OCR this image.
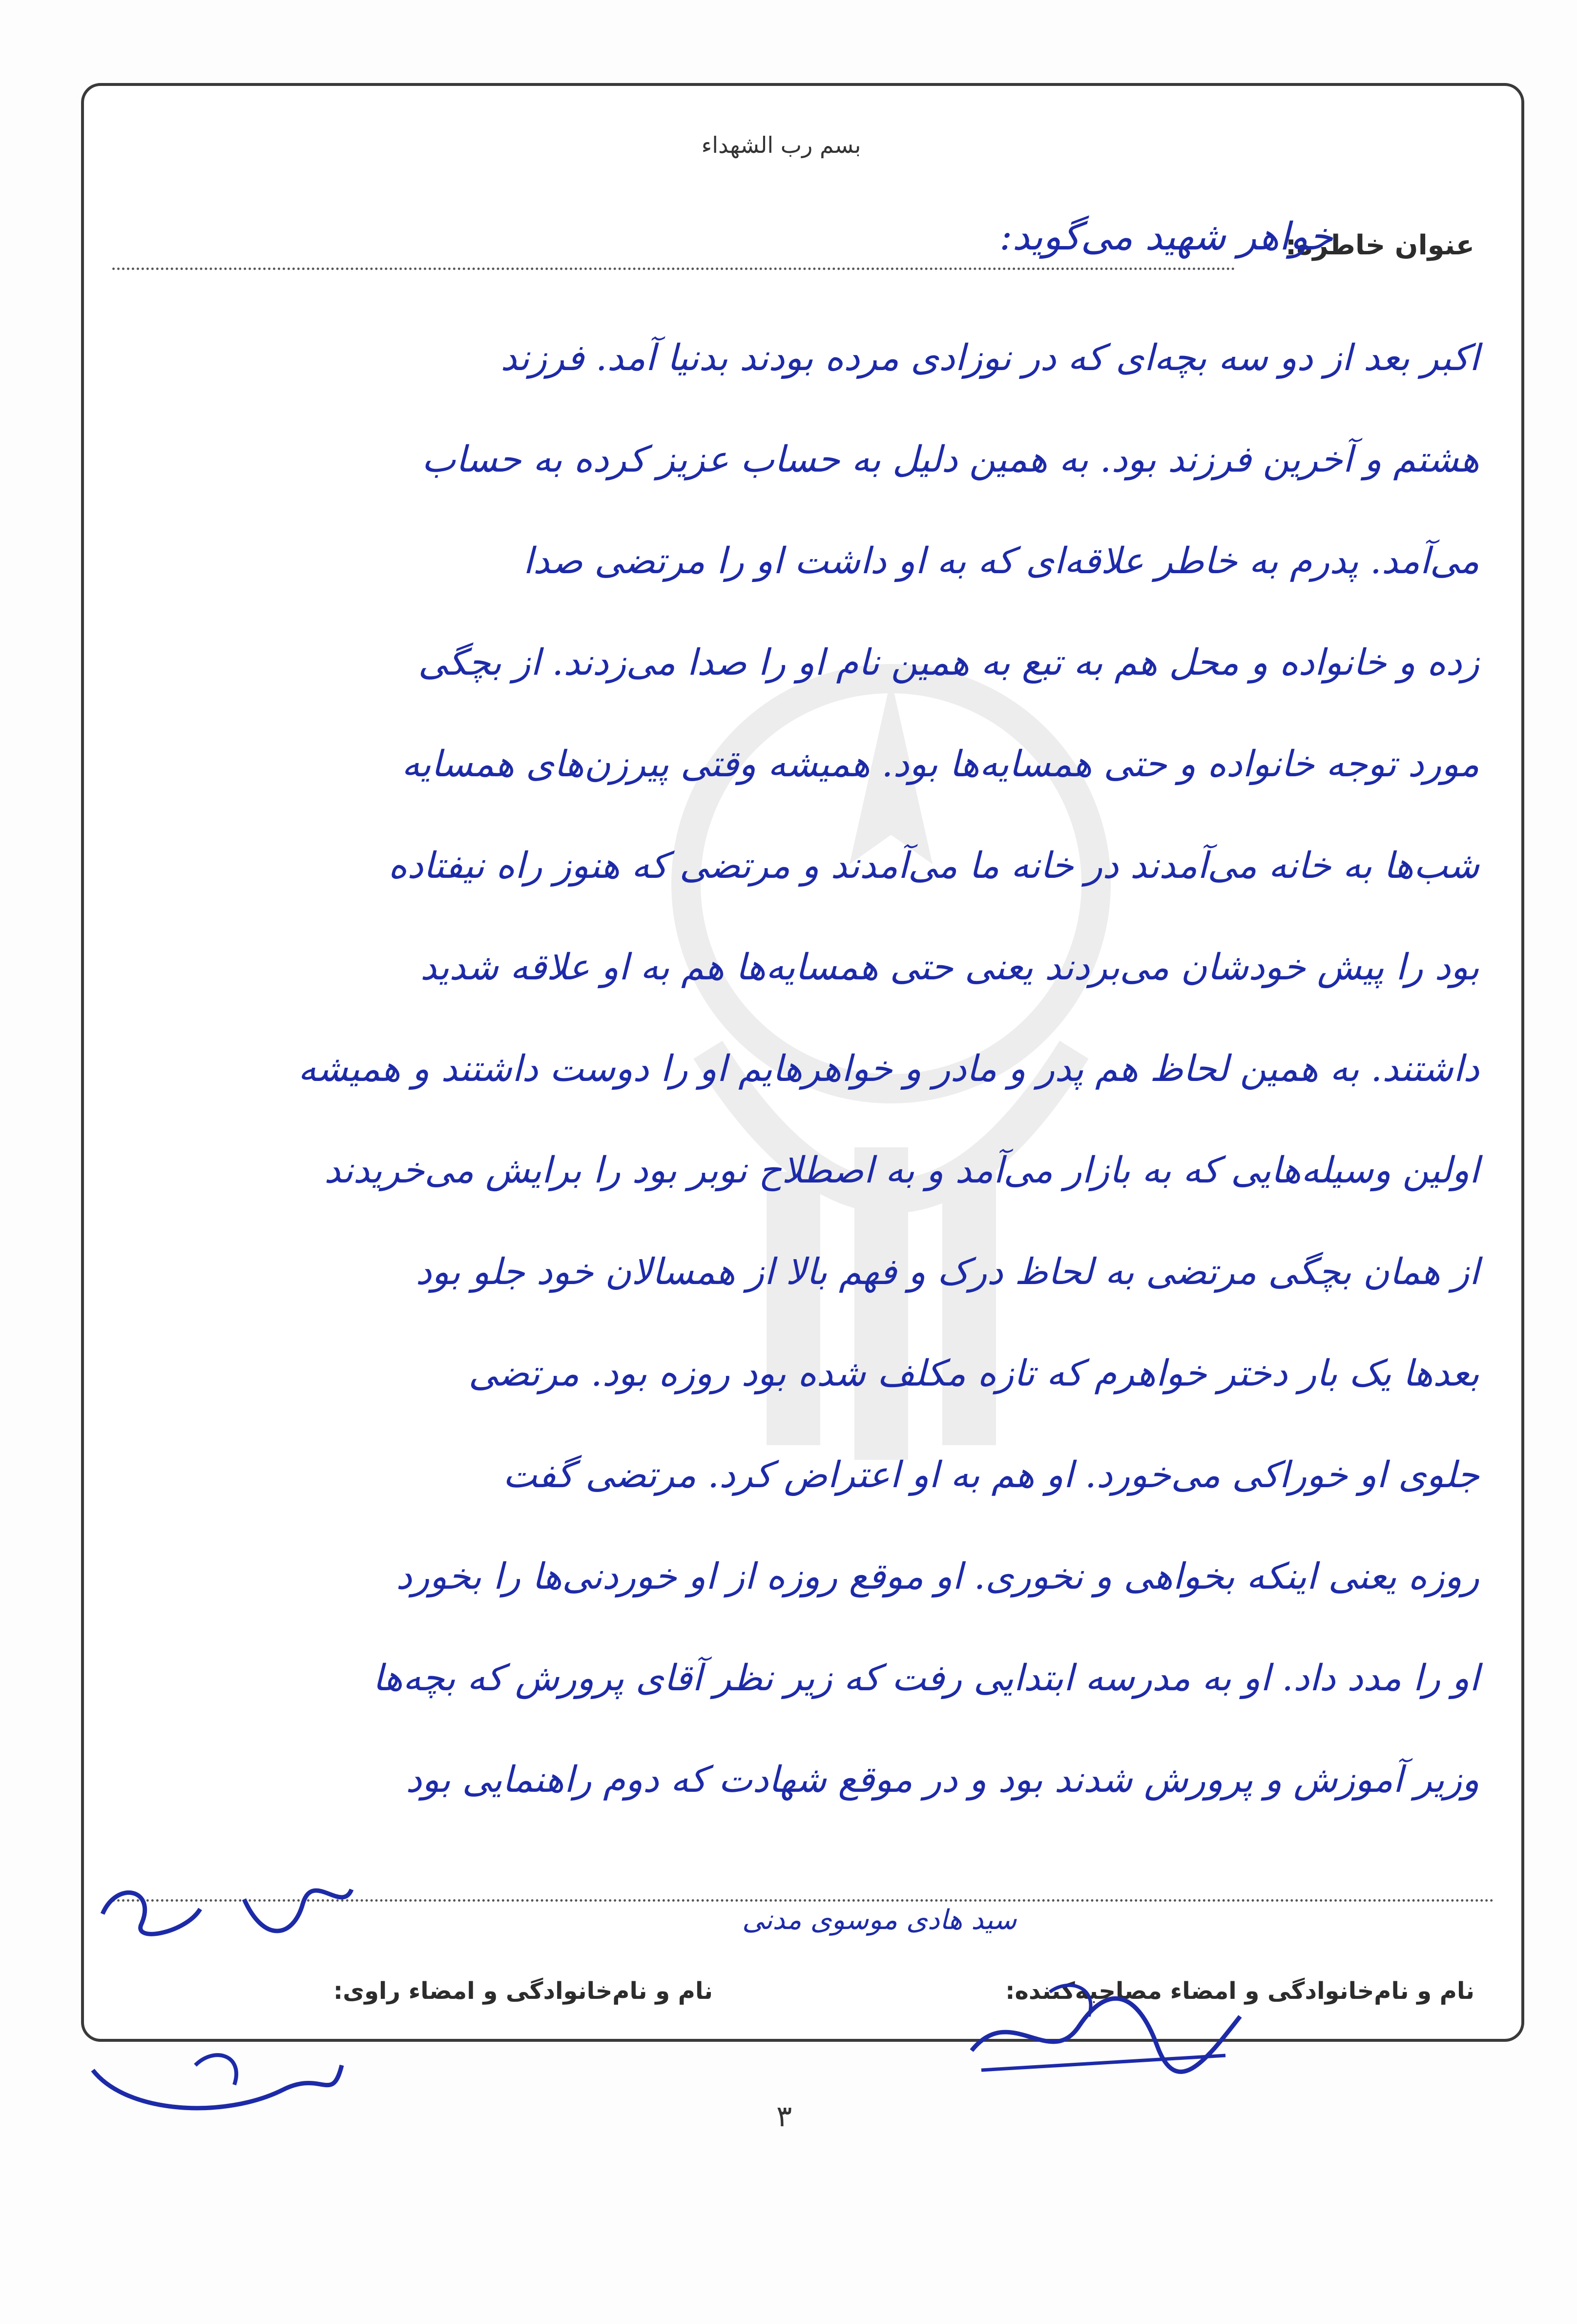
بسم رب الشهداء
عنوان خاطره:
خواهر شهید می‌گوید:
اکبر بعد از دو سه بچه‌ای که در نوزادی مرده بودند بدنیا آمد. فرزند
هشتم و آخرین فرزند بود. به همین دلیل به حساب عزیز کرده به حساب
می‌آمد. پدرم به خاطر علاقه‌ای که به او داشت او را مرتضی صدا
زده و خانواده و محل هم به تبع به همین نام او را صدا می‌زدند. از بچگی
مورد توجه خانواده و حتی همسایه‌ها بود. همیشه وقتی پیرزن‌های همسایه
شب‌ها به خانه می‌آمدند در خانه ما می‌آمدند و مرتضی که هنوز راه نیفتاده
بود را پیش خودشان می‌بردند یعنی حتی همسایه‌ها هم به او علاقه شدید
داشتند. به همین لحاظ هم پدر و مادر و خواهرهایم او را دوست داشتند و همیشه
اولین وسیله‌هایی که به بازار می‌آمد و به اصطلاح نوبر بود را برایش می‌خریدند
از همان بچگی مرتضی به لحاظ درک و فهم بالا از همسالان خود جلو بود
بعدها یک بار دختر خواهرم که تازه مکلف شده بود روزه بود. مرتضی
جلوی او خوراکی می‌خورد. او هم به او اعتراض کرد. مرتضی گفت
روزه یعنی اینکه بخواهی و نخوری. او موقع روزه از او خوردنی‌ها را بخورد
او را مدد داد. او به مدرسه ابتدایی رفت که زیر نظر آقای پرورش که بچه‌ها
وزیر آموزش و پرورش شدند بود و در موقع شهادت که دوم راهنمایی بود
سید هادی موسوی مدنی
نام و نام‌خانوادگی و امضاء مصاحبه‌کننده:
نام و نام‌خانوادگی و امضاء راوی:
۳
